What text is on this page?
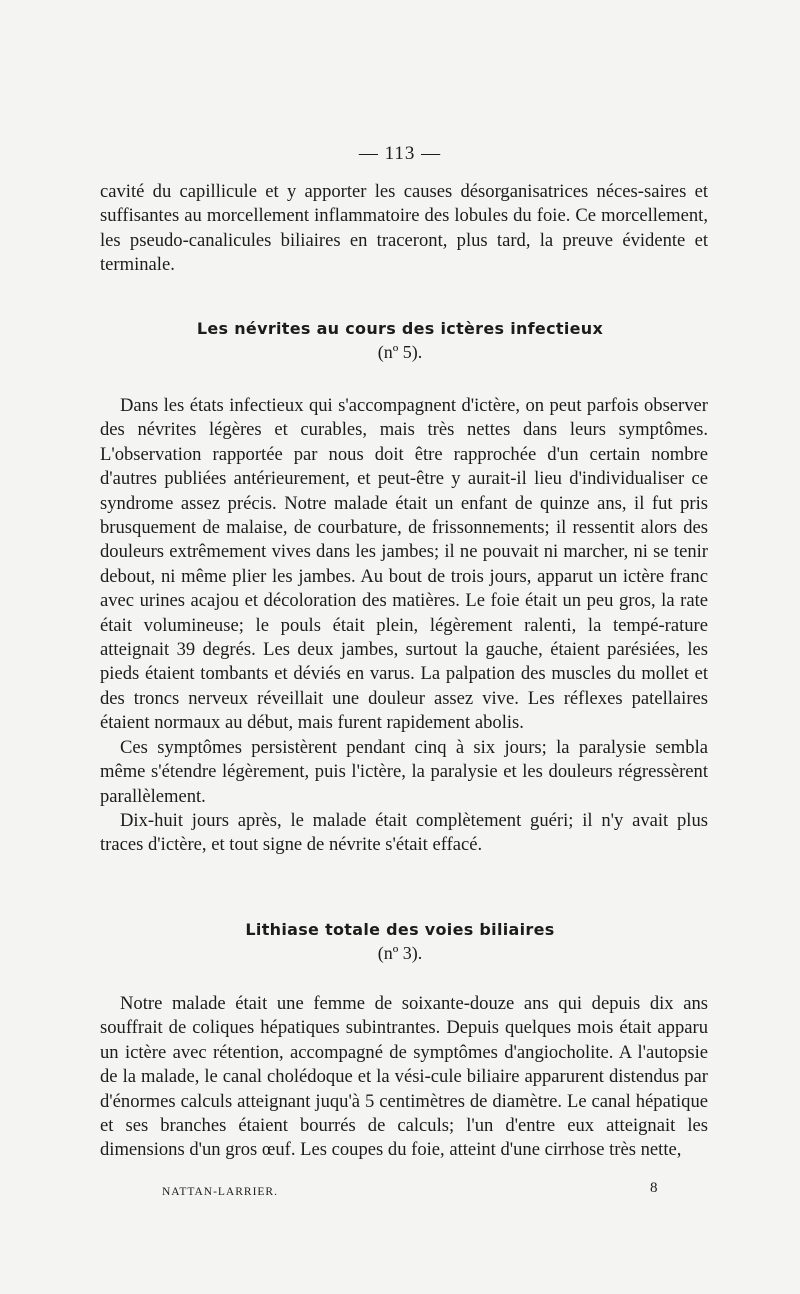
— 113 —

cavité du capillicule et y apporter les causes désorganisatrices néces-saires et suffisantes au morcellement inflammatoire des lobules du foie. Ce morcellement, les pseudo-canalicules biliaires en traceront, plus tard, la preuve évidente et terminale.

Les névrites au cours des ictères infectieux
(nº 5).

Dans les états infectieux qui s'accompagnent d'ictère, on peut parfois observer des névrites légères et curables, mais très nettes dans leurs symptômes. L'observation rapportée par nous doit être rapprochée d'un certain nombre d'autres publiées antérieurement, et peut-être y aurait-il lieu d'individualiser ce syndrome assez précis. Notre malade était un enfant de quinze ans, il fut pris brusquement de malaise, de courbature, de frissonnements; il ressentit alors des douleurs extrêmement vives dans les jambes; il ne pouvait ni marcher, ni se tenir debout, ni même plier les jambes. Au bout de trois jours, apparut un ictère franc avec urines acajou et décoloration des matières. Le foie était un peu gros, la rate était volumineuse; le pouls était plein, légèrement ralenti, la tempé-rature atteignait 39 degrés. Les deux jambes, surtout la gauche, étaient parésiées, les pieds étaient tombants et déviés en varus. La palpation des muscles du mollet et des troncs nerveux réveillait une douleur assez vive. Les réflexes patellaires étaient normaux au début, mais furent rapidement abolis.

Ces symptômes persistèrent pendant cinq à six jours; la paralysie sembla même s'étendre légèrement, puis l'ictère, la paralysie et les douleurs régressèrent parallèlement.

Dix-huit jours après, le malade était complètement guéri; il n'y avait plus traces d'ictère, et tout signe de névrite s'était effacé.

Lithiase totale des voies biliaires
(nº 3).

Notre malade était une femme de soixante-douze ans qui depuis dix ans souffrait de coliques hépatiques subintrantes. Depuis quelques mois était apparu un ictère avec rétention, accompagné de symptômes d'angiocholite. A l'autopsie de la malade, le canal cholédoque et la vési-cule biliaire apparurent distendus par d'énormes calculs atteignant juqu'à 5 centimètres de diamètre. Le canal hépatique et ses branches étaient bourrés de calculs; l'un d'entre eux atteignait les dimensions d'un gros œuf. Les coupes du foie, atteint d'une cirrhose très nette,

NATTAN-LARRIER.	8
